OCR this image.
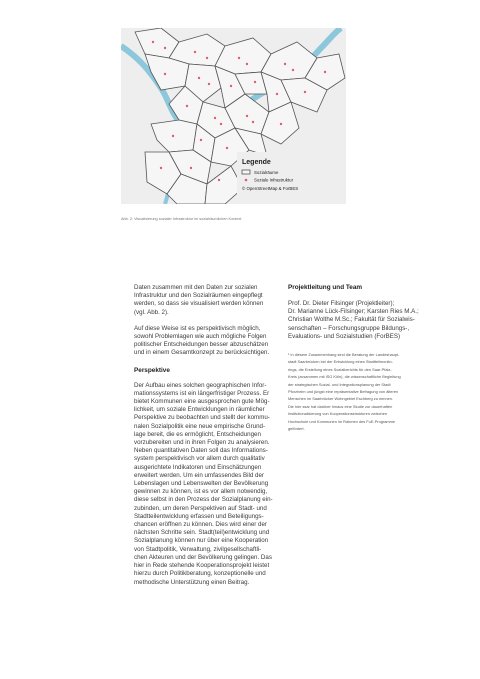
Legende
Sozialräume
Soziale Infrastruktur
© OpenStreetMap & ForBES
Abb. 2: Visualisierung sozialer Infrastruktur im sozialräumlichen Kontext

Daten zusammen mit den Daten zur sozialen

Infrastruktur und den Sozialräumen eingepflegt

werden, so dass sie visualisiert werden können

(vgl. Abb. 2).

Auf diese Weise ist es perspektivisch möglich,

sowohl Problemlagen wie auch mögliche Folgen

politischer Entscheidungen besser abzuschätzen

und in einem Gesamtkonzept zu berücksichtigen.

Perspektive

Der Aufbau eines solchen geographischen Infor-

mationssystems ist ein längerfristiger Prozess. Er

bietet Kommunen eine ausgesprochen gute Mög-

lichkeit, um soziale Entwicklungen in räumlicher

Perspektive zu beobachten und stellt der kommu-

nalen Sozialpolitik eine neue empirische Grund-

lage bereit, die es ermöglicht, Entscheidungen

vorzubereiten und in ihren Folgen zu analysieren.

Neben quantitativen Daten soll das Informations-

system perspektivisch vor allem durch qualitativ

ausgerichtete Indikatoren und Einschätzungen

erweitert werden. Um ein umfassendes Bild der

Lebenslagen und Lebenswelten der Bevölkerung

gewinnen zu können, ist es vor allem notwendig,

diese selbst in den Prozess der Sozialplanung ein-

zubinden, um deren Perspektiven auf Stadt- und

Stadtteilentwicklung erfassen und Beteiligungs-

chancen eröffnen zu können. Dies wird einer der

nächsten Schritte sein. Stadt(teil)entwicklung und

Sozialplanung können nur über eine Kooperation

von Stadtpolitik, Verwaltung, zivilgesellschaftli-

chen Akteuren und der Bevölkerung gelingen. Das

hier in Rede stehende Kooperationsprojekt leistet

hierzu durch Politikberatung, konzeptionelle und

methodische Unterstützung einen Beitrag.

Projektleitung und Team

Prof. Dr. Dieter Filsinger (Projektleiter);

Dr. Marianne Lück-Filsinger; Karsten Ries M.A.;

Christian Wolthe M.Sc.; Fakultät für Sozialwis-

senschaften – Forschungsgruppe Bildungs-,

Evaluations- und Sozialstudien (ForBES)

¹ In diesem Zusammenhang sind die Beratung der Landeshaupt-

stadt Saarbrücken bei der Entwicklung eines Stadtteilmonito-

rings, die Erstellung eines Sozialberichts für den Saar-Pfalz-

Kreis (zusammen mit ISG Köln), die wissenschaftliche Begleitung

der strategischen Sozial- und Integrationsplanung der Stadt

Pforzheim und jüngst eine repräsentative Befragung von älteren

Menschen im Saarbrücker Wohngebiet Eschberg zu nennen.

Die hier ssar hat darüber hinaus eine Studie zur dauerhaften

Institutionalisierung von Kooperationsstrukturen zwischen

Hochschule und Kommunen im Rahmen des FuE-Programme

gefördert.
